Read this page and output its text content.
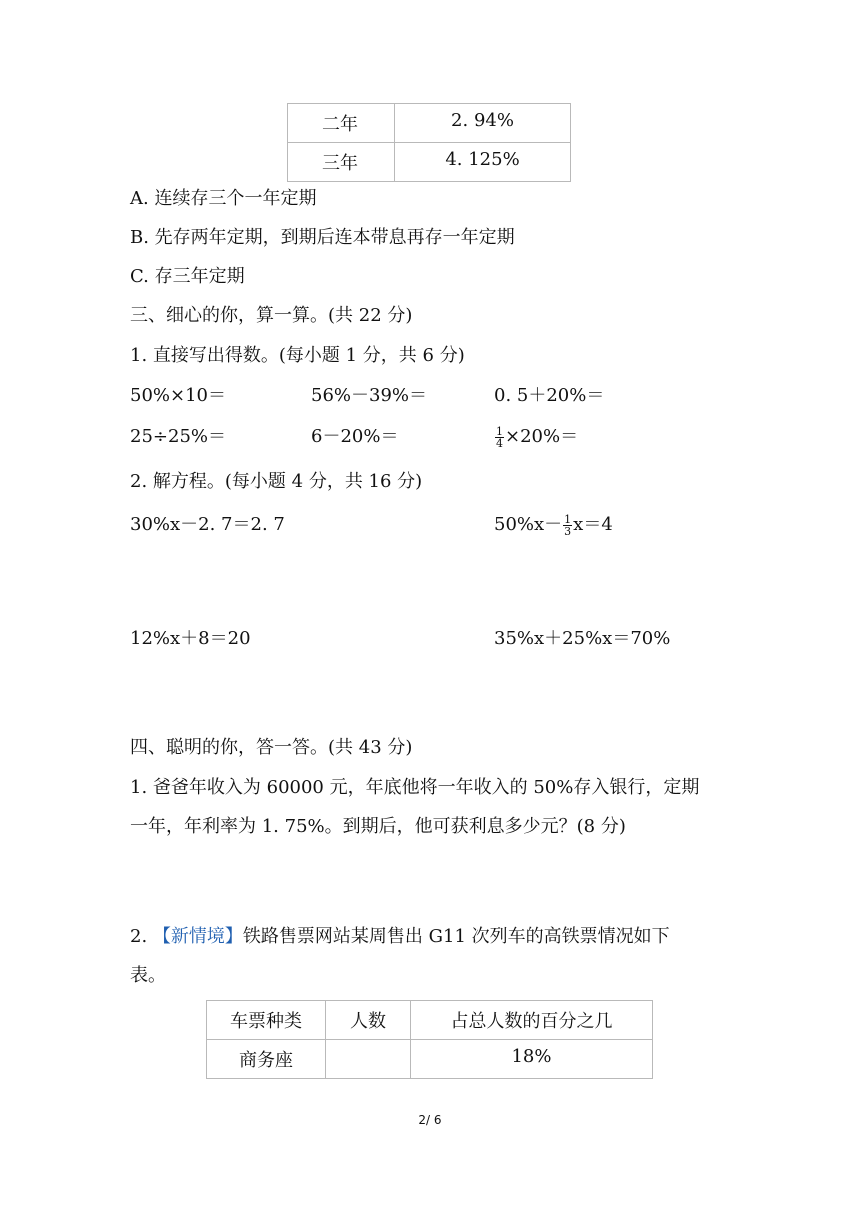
二年	2. 94%

三年	4. 125%
A. 连续存三个一年定期
B. 先存两年定期，到期后连本带息再存一年定期
C. 存三年定期
三、细心的你，算一算。(共 22 分)
1. 直接写出得数。(每小题 1 分，共 6 分)
50%×10＝	56%－39%＝	0. 5＋20%＝
25÷25%＝	6－20%＝	$\frac{1}{4} \times 20\%=$
2. 解方程。(每小题 4 分，共 16 分)
30%x－2. 7＝2. 7	$50\%x- \frac{1}{3} x=4$
12%x＋8＝20	35%x＋25%x＝70%
四、聪明的你，答一答。(共 43 分)
1. 爸爸年收入为 60000 元，年底他将一年收入的 50%存入银行，定期
一年，年利率为 1. 75%。到期后，他可获利息多少元？(8 分)
2. 【新情境】铁路售票网站某周售出 G11 次列车的高铁票情况如下
表。
车票种类	人数	占总人数的百分之几

商务座		18%
2/ 6
